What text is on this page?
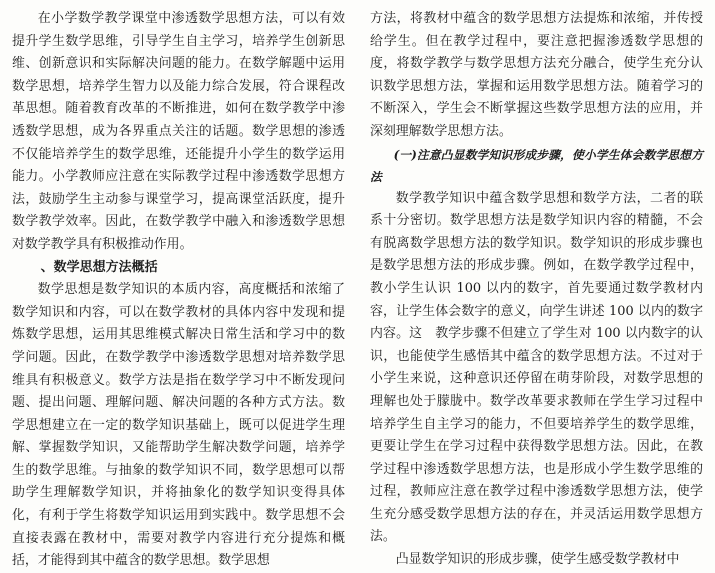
在小学数学教学课堂中渗透数学思想方法，可以有效提升学生数学思维，引导学生自主学习，培养学生创新思维、创新意识和实际解决问题的能力。在数学解题中运用数学思想，培养学生智力以及能力综合发展，符合课程改革思想。随着教育改革的不断推进，如何在数学教学中渗透数学思想，成为各界重点关注的话题。数学思想的渗透不仅能培养学生的数学思维，还能提升小学生的数学运用能力。小学教师应注意在实际教学过程中渗透数学思想方法，鼓励学生主动参与课堂学习，提高课堂活跃度，提升数学教学效率。因此，在数学教学中融入和渗透数学思想对数学教学具有积极推动作用。

、数学思想方法概括

数学思想是数学知识的本质内容，高度概括和浓缩了数学知识和内容，可以在数学教材的具体内容中发现和提炼数学思想，运用其思维模式解决日常生活和学习中的数学问题。因此，在数学教学中渗透数学思想对培养数学思维具有积极意义。数学方法是指在数学学习中不断发现问题、提出问题、理解问题、解决问题的各种方式方法。数学思想建立在一定的数学知识基础上，既可以促进学生理解、掌握数学知识，又能帮助学生解决数学问题，培养学生的数学思维。与抽象的数学知识不同，数学思想可以帮助学生理解数学知识，并将抽象化的数学知识变得具体化，有利于学生将数学知识运用到实践中。数学思想不会直接表露在教材中，需要对教学内容进行充分提炼和概括，才能得到其中蕴含的数学思想。数学思想

方法，将教材中蕴含的数学思想方法提炼和浓缩，并传授给学生。但在教学过程中，要注意把握渗透数学思想的度，将数学教学与数学思想方法充分融合，使学生充分认识数学思想方法，掌握和运用数学思想方法。随着学习的不断深入，学生会不断掌握这些数学思想方法的应用，并深刻理解数学思想方法。

(一)注意凸显数学知识形成步骤，使小学生体会数学思想方法

数学教学知识中蕴含数学思想和数学方法，二者的联系十分密切。数学思想方法是数学知识内容的精髓，不会有脱离数学思想方法的数学知识。数学知识的形成步骤也是数学思想方法的形成步骤。例如，在数学教学过程中，教小学生认识 100 以内的数字，首先要通过数学教材内容，让学生体会数字的意义，向学生讲述 100 以内的数字内容。这　教学步骤不但建立了学生对 100 以内数字的认识，也能使学生感悟其中蕴含的数学思想方法。不过对于小学生来说，这种意识还停留在萌芽阶段，对数学思想的理解也处于朦胧中。数学改革要求教师在学生学习过程中培养学生自主学习的能力，不但要培养学生的数学思维，更要让学生在学习过程中获得数学思想方法。因此，在教学过程中渗透数学思想方法，也是形成小学生数学思维的过程，教师应注意在教学过程中渗透数学思想方法，使学生充分感受数学思想方法的存在，并灵活运用数学思想方法。

凸显数学知识的形成步骤，使学生感受数学教材中
